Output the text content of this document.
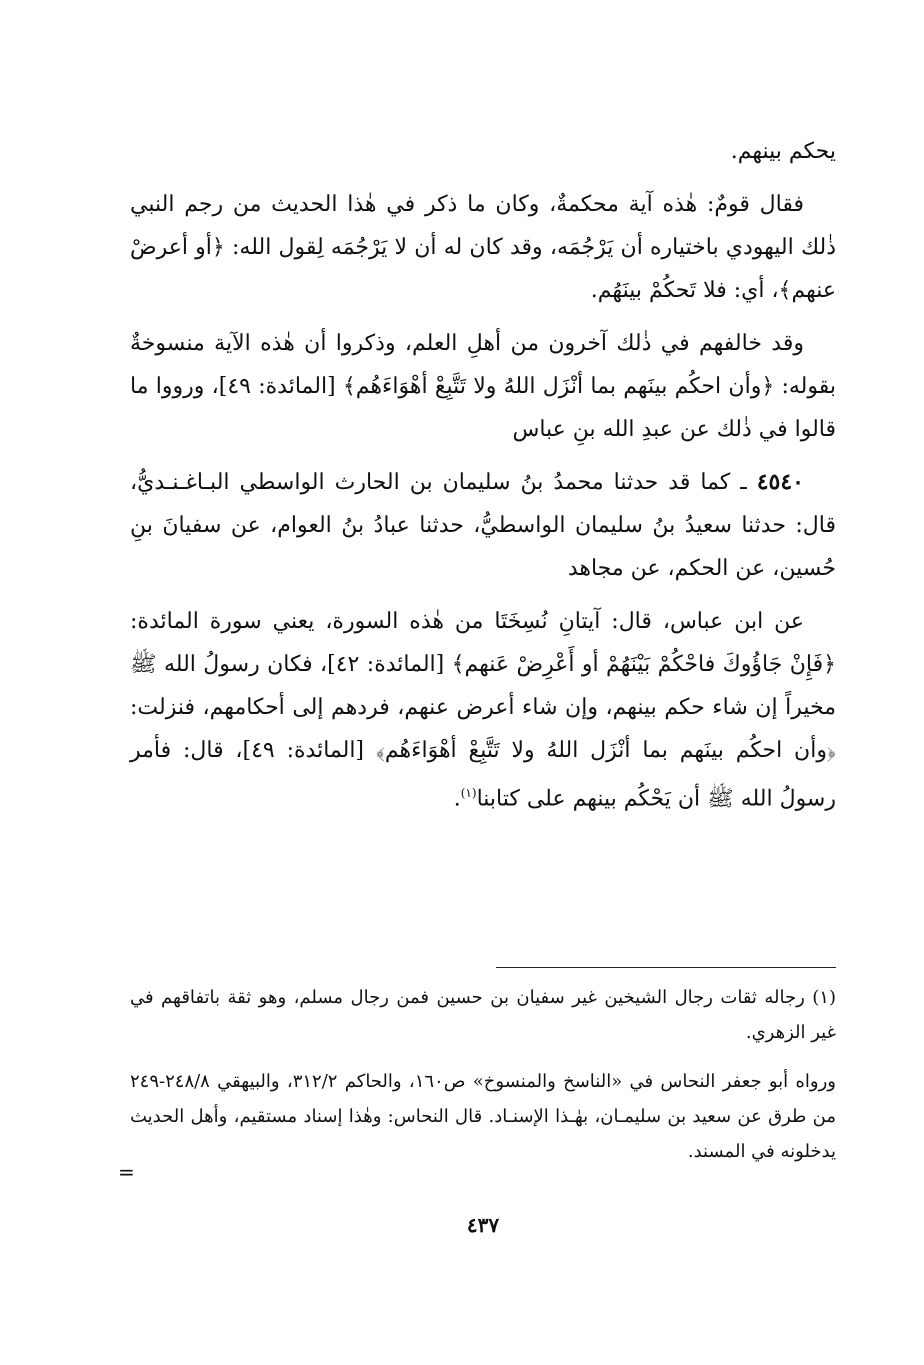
يحكم بينهم.

فقال قومٌ: هٰذه آية محكمةٌ، وكان ما ذكر في هٰذا الحديث من رجم النبي ذٰلك اليهودي باختياره أن يَرْجُمَه، وقد كان له أن لا يَرْجُمَه لِقول الله: ﴿أو أعرضْ عنهم﴾، أي: فلا تَحكُمْ بينَهُم.

وقد خالفهم في ذٰلك آخرون من أهلِ العلم، وذكروا أن هٰذه الآية منسوخةٌ بقوله: ﴿وأن احكُم بينَهم بما أنْزَل اللهُ ولا تَتَّبِعْ أهْوَاءَهُم﴾ [المائدة: ٤٩]، ورووا ما قالوا في ذٰلك عن عبدِ الله بنِ عباس

٤٥٤٠ ـ كما قد حدثنا محمدُ بنُ سليمان بن الحارث الواسطي البـاغـنـديُّ، قال: حدثنا سعيدُ بنُ سليمان الواسطيُّ، حدثنا عبادُ بنُ العوام، عن سفيانَ بنِ حُسين، عن الحكم، عن مجاهد

عن ابن عباس، قال: آيتانِ نُسِخَتَا من هٰذه السورة، يعني سورة المائدة: ﴿فَإِنْ جَاؤُوكَ فاحْكُمْ بَيْنَهُمْ أو أَعْرِضْ عَنهم﴾ [المائدة: ٤٢]، فكان رسولُ الله ﷺ مخيراً إن شاء حكم بينهم، وإن شاء أعرض عنهم، فردهم إلى أحكامهم، فنزلت: ﴿وأن احكُم بينَهم بما أنْزَل اللهُ ولا تَتَّبِعْ أهْوَاءَهُم﴾ [المائدة: ٤٩]، قال: فأمر رسولُ الله ﷺ أن يَحْكُم بينهم على كتابنا$^{(١)}$.

(١) رجاله ثقات رجال الشيخين غير سفيان بن حسين فمن رجال مسلم، وهو ثقة باتفاقهم في غير الزهري.

ورواه أبو جعفر النحاس في «الناسخ والمنسوخ» ص١٦٠، والحاكم ٣١٢/٢، والبيهقي ٢٤٨/٨-٢٤٩ من طرق عن سعيد بن سليمـان، بهٰـذا الإسنـاد. قال النحاس: وهٰذا إسناد مستقيم، وأهل الحديث يدخلونه في المسند.

=
٤٣٧
